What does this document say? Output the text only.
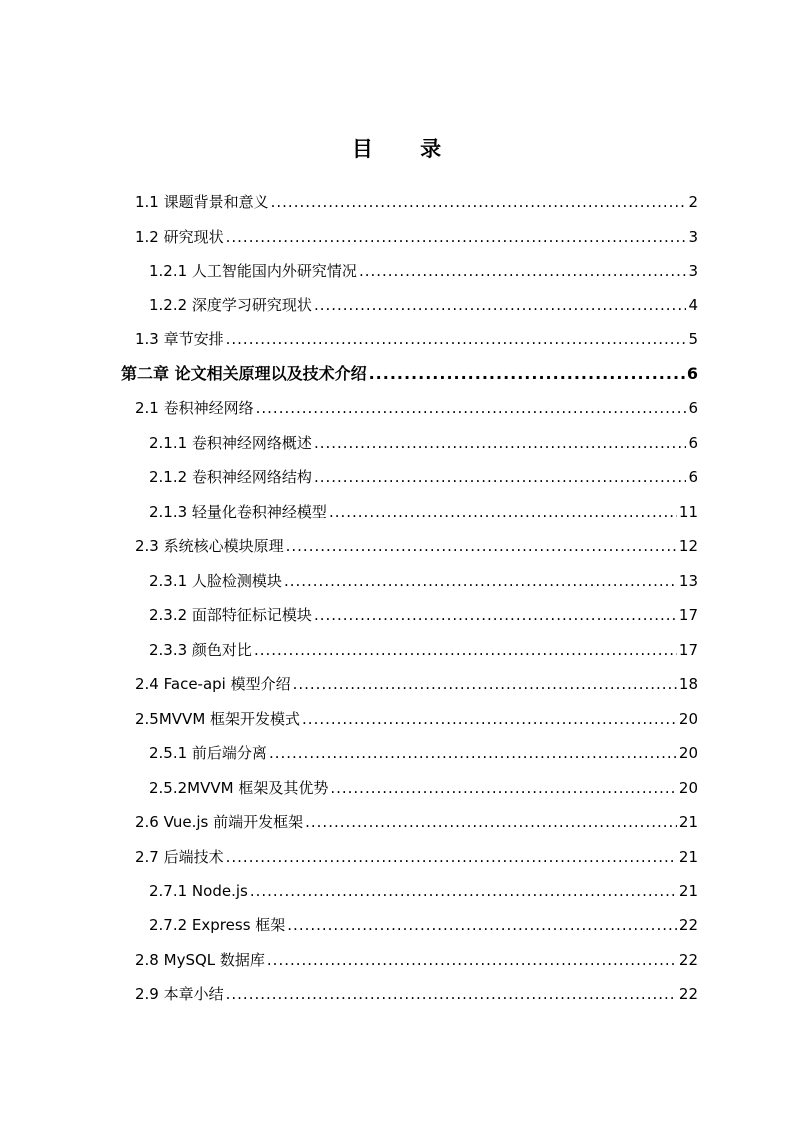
目 录
1.1 课题背景和意义 .....	2
1.2 研究现状 .....	3
1.2.1 人工智能国内外研究情况 .....	3
1.2.2 深度学习研究现状 .....	4
1.3 章节安排 .....	5
第二章 论文相关原理以及技术介绍 .....	6
2.1 卷积神经网络 .....	6
2.1.1 卷积神经网络概述 .....	6
2.1.2 卷积神经网络结构 .....	6
2.1.3 轻量化卷积神经模型 .....	11
2.3 系统核心模块原理 .....	12
2.3.1 人脸检测模块 .....	13
2.3.2 面部特征标记模块 .....	17
2.3.3 颜色对比 .....	17
2.4 Face-api 模型介绍 .....	18
2.5MVVM 框架开发模式 .....	20
2.5.1 前后端分离 .....	20
2.5.2MVVM 框架及其优势 .....	20
2.6 Vue.js 前端开发框架 .....	21
2.7 后端技术 .....	21
2.7.1 Node.js .....	21
2.7.2 Express 框架 .....	22
2.8 MySQL 数据库 .....	22
2.9 本章小结 .....	22
